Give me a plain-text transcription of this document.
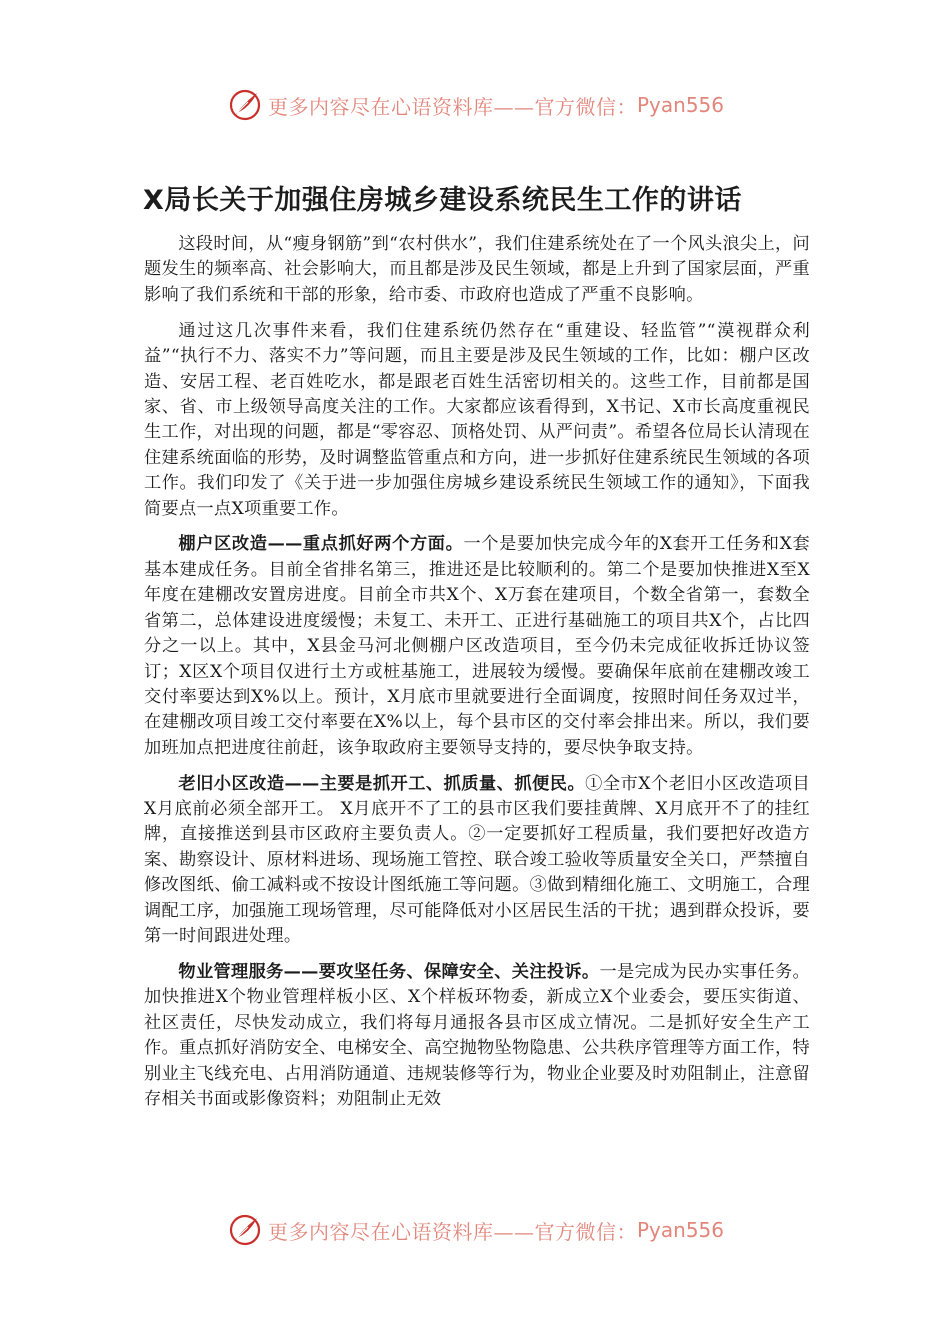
更多内容尽在心语资料库——官方微信： Pyan556
X局长关于加强住房城乡建设系统民生工作的讲话

这段时间，从“瘦身钢筋”到“农村供水”，我们住建系统处在了一个风头浪尖上，问题发生的频率高、社会影响大，而且都是涉及民生领域，都是上升到了国家层面，严重影响了我们系统和干部的形象，给市委、市政府也造成了严重不良影响。

通过这几次事件来看，我们住建系统仍然存在“重建设、轻监管”“漠视群众利益”“执行不力、落实不力”等问题，而且主要是涉及民生领域的工作，比如：棚户区改造、安居工程、老百姓吃水，都是跟老百姓生活密切相关的。这些工作，目前都是国家、省、市上级领导高度关注的工作。大家都应该看得到，X书记、X市长高度重视民生工作，对出现的问题，都是“零容忍、顶格处罚、从严问责”。希望各位局长认清现在住建系统面临的形势，及时调整监管重点和方向，进一步抓好住建系统民生领域的各项工作。我们印发了《关于进一步加强住房城乡建设系统民生领域工作的通知》，下面我简要点一点X项重要工作。

棚户区改造——重点抓好两个方面。一个是要加快完成今年的X套开工任务和X套基本建成任务。目前全省排名第三，推进还是比较顺利的。第二个是要加快推进X至X年度在建棚改安置房进度。目前全市共X个、X万套在建项目，个数全省第一，套数全省第二，总体建设进度缓慢；未复工、未开工、正进行基础施工的项目共X个，占比四分之一以上。其中，X县金马河北侧棚户区改造项目，至今仍未完成征收拆迁协议签订；X区X个项目仅进行土方或桩基施工，进展较为缓慢。要确保年底前在建棚改竣工交付率要达到X%以上。预计，X月底市里就要进行全面调度，按照时间任务双过半，在建棚改项目竣工交付率要在X%以上，每个县市区的交付率会排出来。所以，我们要加班加点把进度往前赶，该争取政府主要领导支持的，要尽快争取支持。

老旧小区改造——主要是抓开工、抓质量、抓便民。①全市X个老旧小区改造项目X月底前必须全部开工。 X月底开不了工的县市区我们要挂黄牌、X月底开不了的挂红牌，直接推送到县市区政府主要负责人。②一定要抓好工程质量，我们要把好改造方案、勘察设计、原材料进场、现场施工管控、联合竣工验收等质量安全关口，严禁擅自修改图纸、偷工减料或不按设计图纸施工等问题。③做到精细化施工、文明施工，合理调配工序，加强施工现场管理，尽可能降低对小区居民生活的干扰；遇到群众投诉，要第一时间跟进处理。

物业管理服务——要攻坚任务、保障安全、关注投诉。一是完成为民办实事任务。加快推进X个物业管理样板小区、X个样板环物委，新成立X个业委会，要压实街道、社区责任，尽快发动成立，我们将每月通报各县市区成立情况。二是抓好安全生产工作。重点抓好消防安全、电梯安全、高空抛物坠物隐患、公共秩序管理等方面工作，特别业主飞线充电、占用消防通道、违规装修等行为，物业企业要及时劝阻制止，注意留存相关书面或影像资料；劝阻制止无效

更多内容尽在心语资料库——官方微信： Pyan556
